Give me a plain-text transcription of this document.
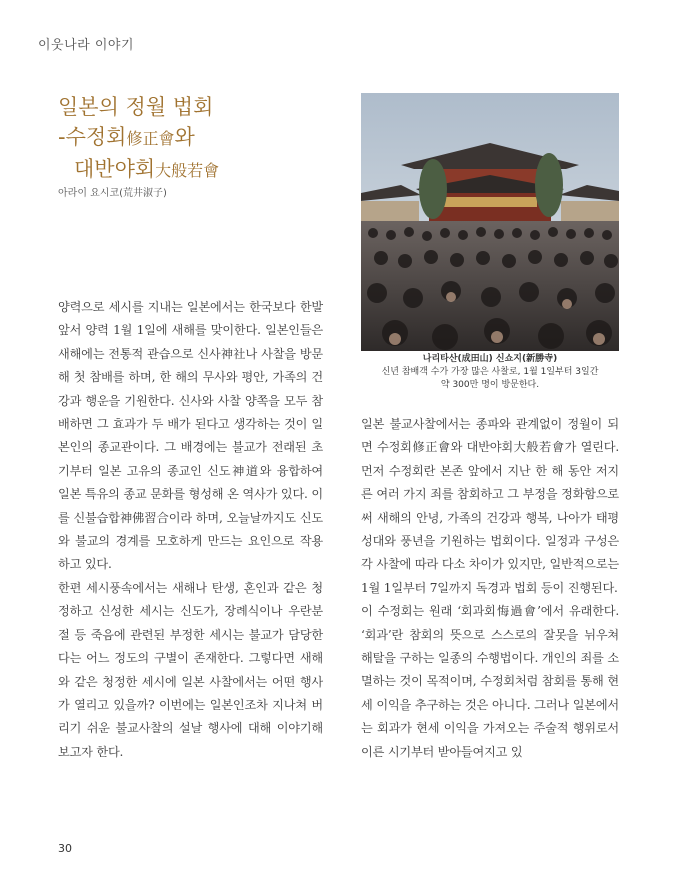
이웃나라 이야기
일본의 정월 법회
-수정회修正會와
대반야회大般若會
아라이 요시코(荒井淑子)
나리타산(成田山) 신쇼지(新勝寺)
신년 참배객 수가 가장 많은 사찰로, 1월 1일부터 3일간
약 300만 명이 방문한다.

양력으로 세시를 지내는 일본에서는 한국보다 한발 앞서 양력 1월 1일에 새해를 맞이한다. 일본인들은 새해에는 전통적 관습으로 신사神社나 사찰을 방문해 첫 참배를 하며, 한 해의 무사와 평안, 가족의 건강과 행운을 기원한다. 신사와 사찰 양쪽을 모두 참배하면 그 효과가 두 배가 된다고 생각하는 것이 일본인의 종교관이다. 그 배경에는 불교가 전래된 초기부터 일본 고유의 종교인 신도神道와 융합하여 일본 특유의 종교 문화를 형성해 온 역사가 있다. 이를 신불습합神佛習合이라 하며, 오늘날까지도 신도와 불교의 경계를 모호하게 만드는 요인으로 작용하고 있다.

한편 세시풍속에서는 새해나 탄생, 혼인과 같은 청정하고 신성한 세시는 신도가, 장례식이나 우란분절 등 죽음에 관련된 부정한 세시는 불교가 담당한다는 어느 정도의 구별이 존재한다. 그렇다면 새해와 같은 청정한 세시에 일본 사찰에서는 어떤 행사가 열리고 있을까? 이번에는 일본인조차 지나쳐 버리기 쉬운 불교사찰의 설날 행사에 대해 이야기해 보고자 한다.

일본 불교사찰에서는 종파와 관계없이 정월이 되면 수정회修正會와 대반야회大般若會가 열린다. 먼저 수정회란 본존 앞에서 지난 한 해 동안 저지른 여러 가지 죄를 참회하고 그 부정을 정화함으로써 새해의 안녕, 가족의 건강과 행복, 나아가 태평성대와 풍년을 기원하는 법회이다. 일정과 구성은 각 사찰에 따라 다소 차이가 있지만, 일반적으로는 1월 1일부터 7일까지 독경과 법회 등이 진행된다.

이 수정회는 원래 ‘회과회悔過會’에서 유래한다. ‘회과’란 참회의 뜻으로 스스로의 잘못을 뉘우쳐 해탈을 구하는 일종의 수행법이다. 개인의 죄를 소멸하는 것이 목적이며, 수정회처럼 참회를 통해 현세 이익을 추구하는 것은 아니다. 그러나 일본에서는 회과가 현세 이익을 가져오는 주술적 행위로서 이른 시기부터 받아들여지고 있

30
